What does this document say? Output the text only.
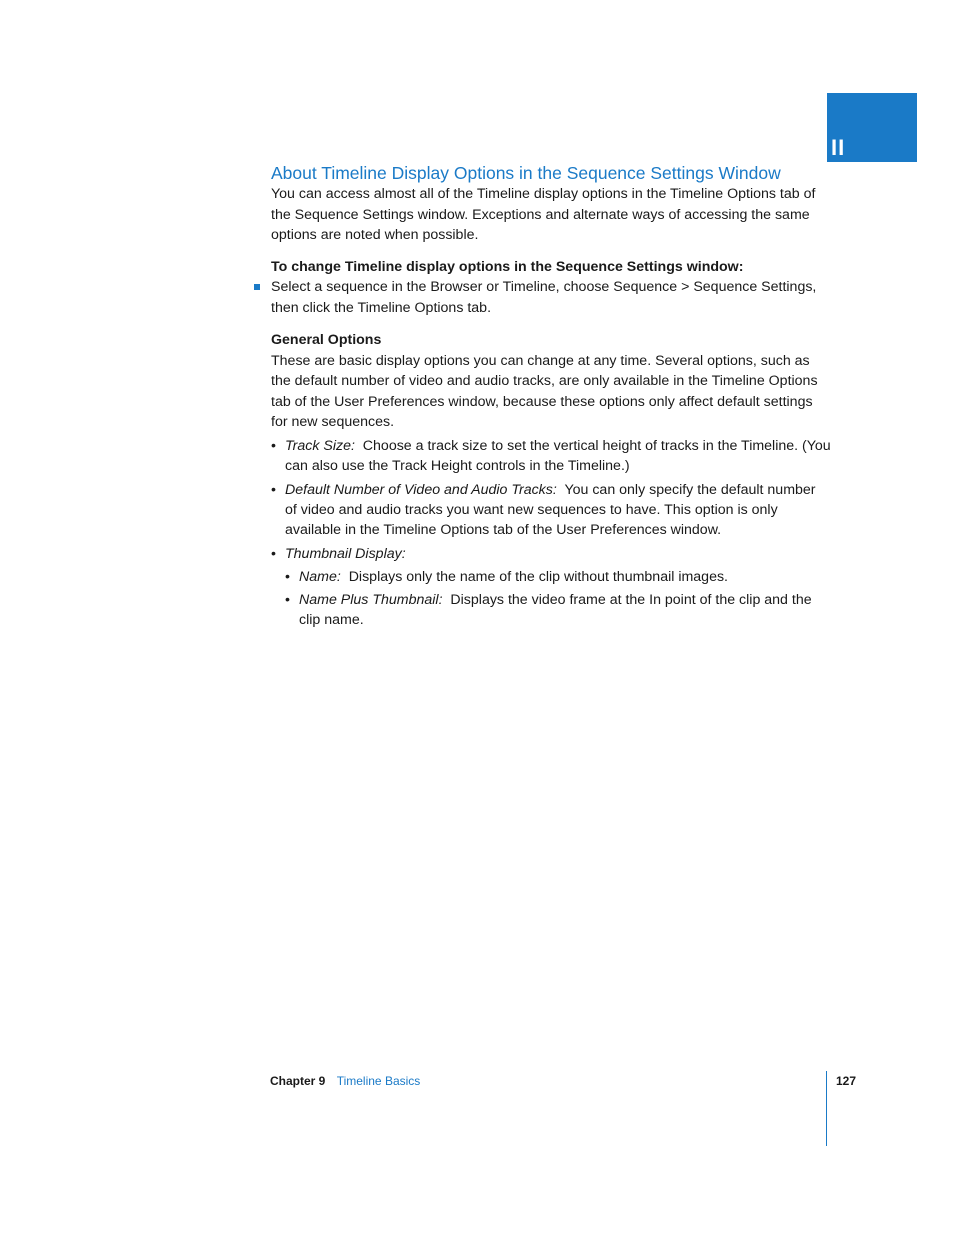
II
About Timeline Display Options in the Sequence Settings Window

You can access almost all of the Timeline display options in the Timeline Options tab of the Sequence Settings window. Exceptions and alternate ways of accessing the same options are noted when possible.

To change Timeline display options in the Sequence Settings window:

Select a sequence in the Browser or Timeline, choose Sequence > Sequence Settings, then click the Timeline Options tab.

General Options

These are basic display options you can change at any time. Several options, such as the default number of video and audio tracks, are only available in the Timeline Options tab of the User Preferences window, because these options only affect default settings for new sequences.

• Track Size: Choose a track size to set the vertical height of tracks in the Timeline. (You can also use the Track Height controls in the Timeline.)
• Default Number of Video and Audio Tracks: You can only specify the default number of video and audio tracks you want new sequences to have. This option is only available in the Timeline Options tab of the User Preferences window.
• Thumbnail Display:
• Name: Displays only the name of the clip without thumbnail images.
• Name Plus Thumbnail: Displays the video frame at the In point of the clip and the clip name.
Chapter 9 Timeline Basics	127
